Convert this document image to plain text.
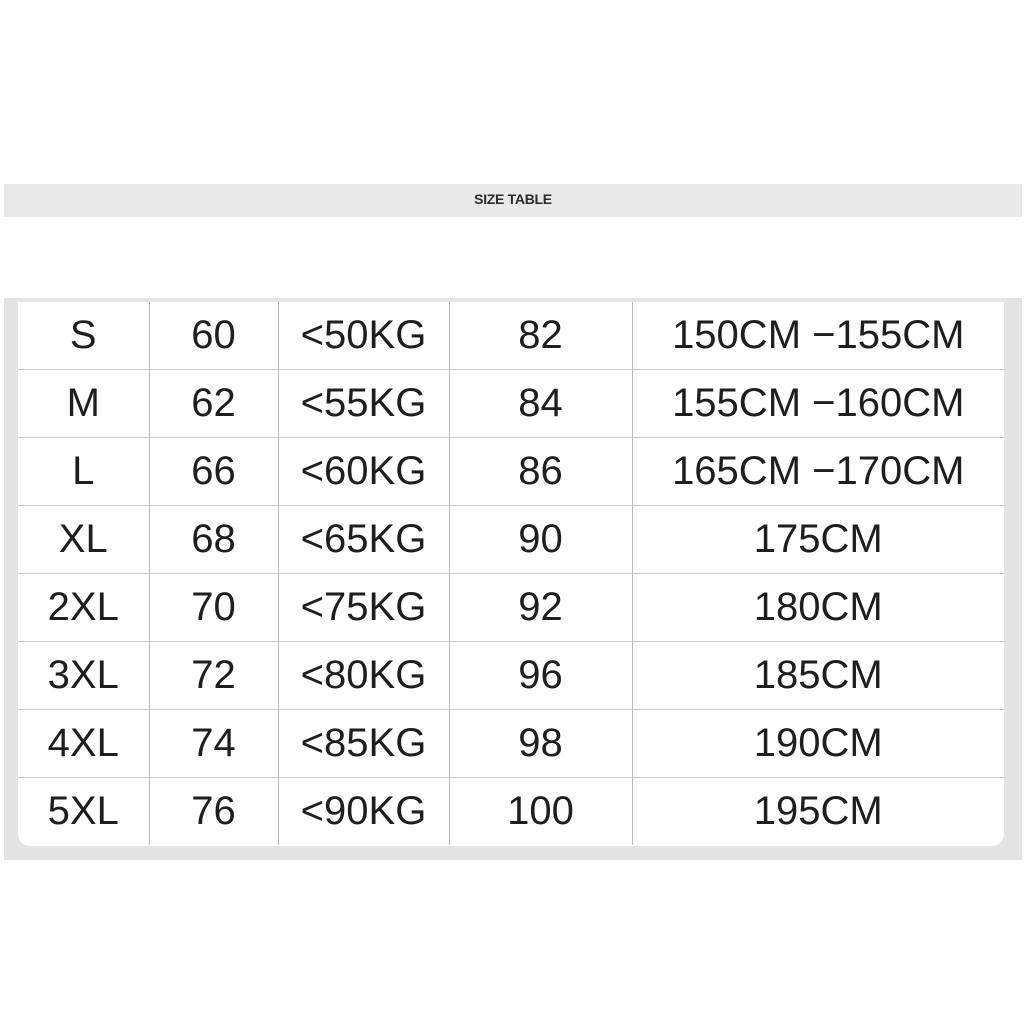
SIZE TABLE
S	60	<50KG	82	150CM −155CM
M	62	<55KG	84	155CM −160CM
L	66	<60KG	86	165CM −170CM
XL	68	<65KG	90	175CM
2XL	70	<75KG	92	180CM
3XL	72	<80KG	96	185CM
4XL	74	<85KG	98	190CM
5XL	76	<90KG	100	195CM
